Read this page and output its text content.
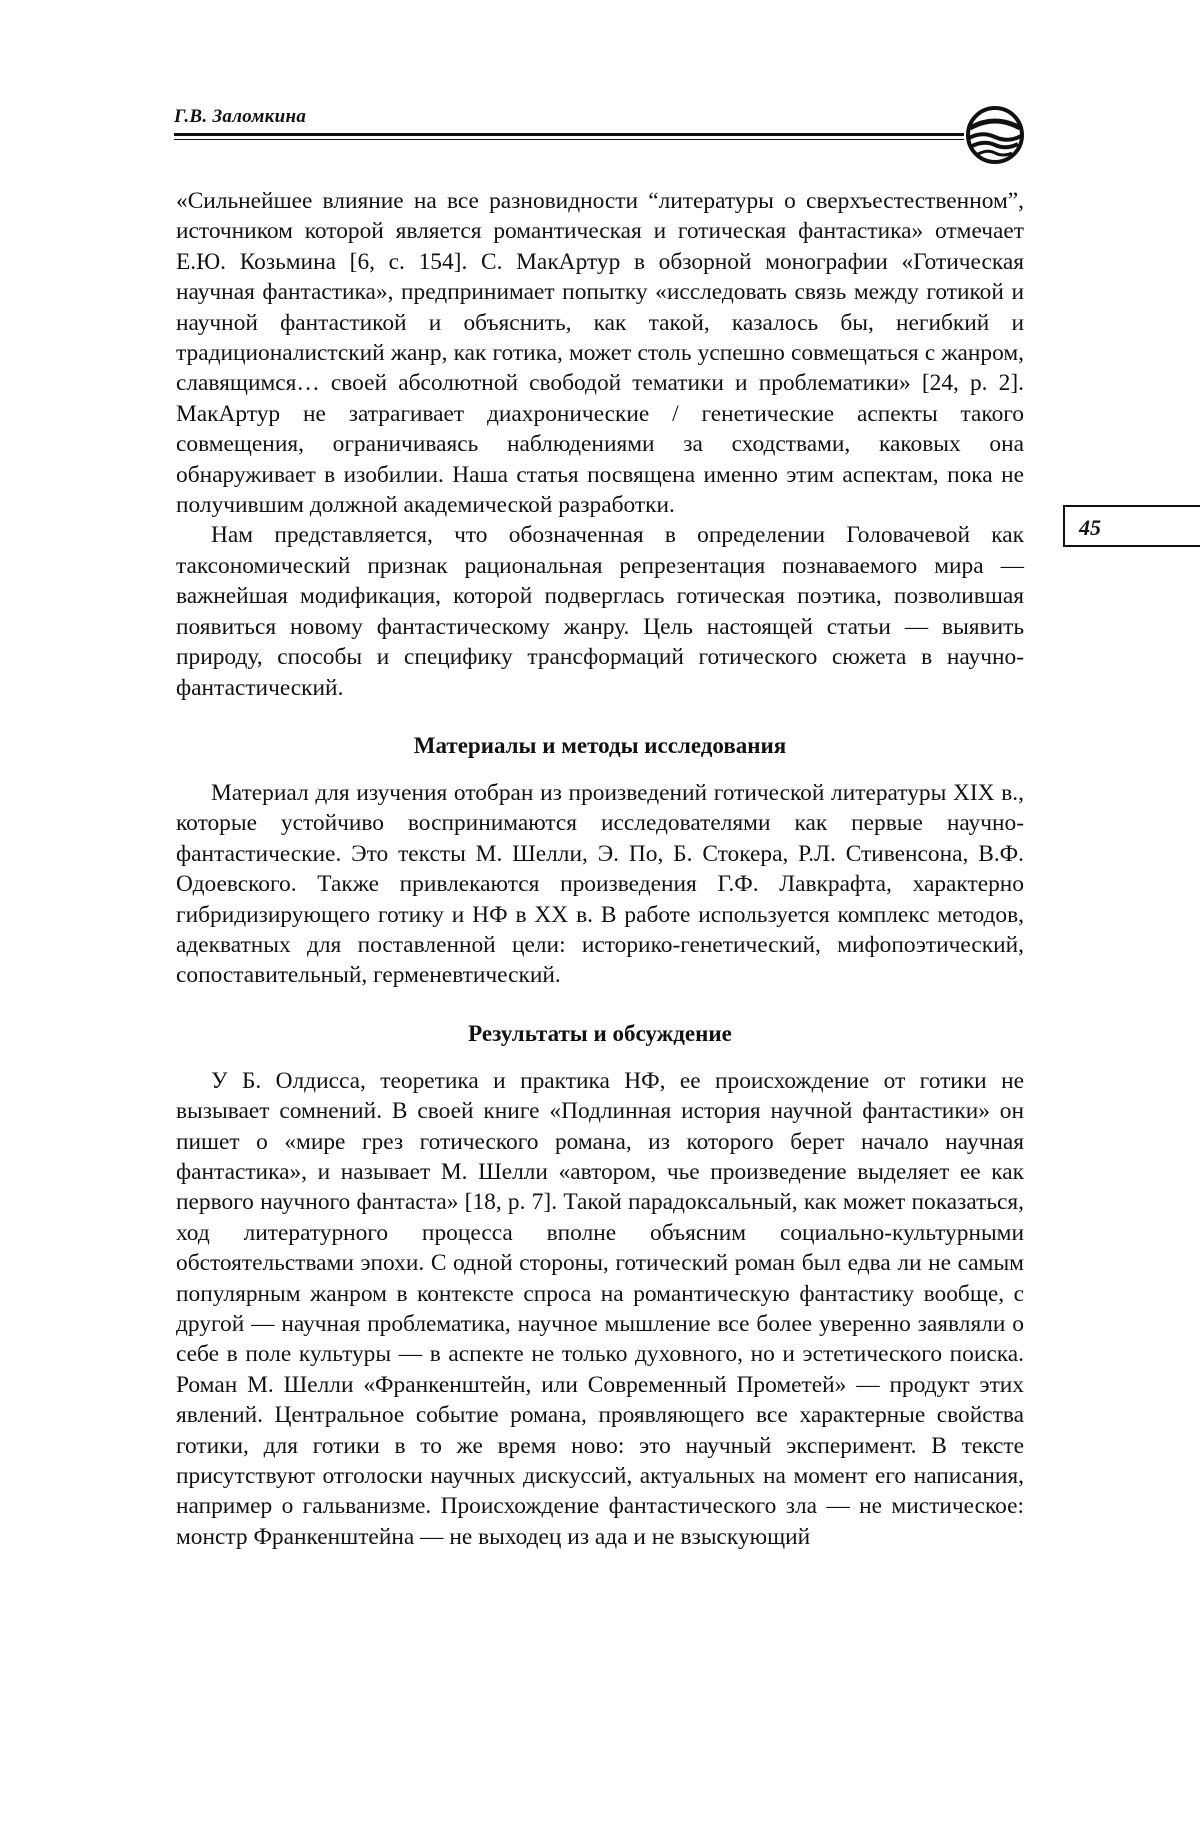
Г.В. Заломкина
45

«Сильнейшее влияние на все разновидности “литературы о сверхъестественном”, источником которой является романтическая и готическая фантастика» отмечает Е.Ю. Козьмина [6, с. 154]. С. МакАртур в обзорной монографии «Готическая научная фантастика», предпринимает попытку «исследовать связь между готикой и научной фантастикой и объяснить, как такой, казалось бы, негибкий и традиционалистский жанр, как готика, может столь успешно совмещаться с жанром, славящимся… своей абсолютной свободой тематики и проблематики» [24, p. 2]. МакАртур не затрагивает диахронические / генетические аспекты такого совмещения, ограничиваясь наблюдениями за сходствами, каковых она обнаруживает в изобилии. Наша статья посвящена именно этим аспектам, пока не получившим должной академической разработки.

Нам представляется, что обозначенная в определении Головачевой как таксономический признак рациональная репрезентация познаваемого мира — важнейшая модификация, которой подверглась готическая поэтика, позволившая появиться новому фантастическому жанру. Цель настоящей статьи — выявить природу, способы и специфику трансформаций готического сюжета в научно-фантастический.

Материалы и методы исследования

Материал для изучения отобран из произведений готической литературы XIX в., которые устойчиво воспринимаются исследователями как первые научно-фантастические. Это тексты М. Шелли, Э. По, Б. Стокера, Р.Л. Стивенсона, В.Ф. Одоевского. Также привлекаются произведения Г.Ф. Лавкрафта, характерно гибридизирующего готику и НФ в XX в. В работе используется комплекс методов, адекватных для поставленной цели: историко-генетический, мифопоэтический, сопоставительный, герменевтический.

Результаты и обсуждение

У Б. Олдисса, теоретика и практика НФ, ее происхождение от готики не вызывает сомнений. В своей книге «Подлинная история научной фантастики» он пишет о «мире грез готического романа, из которого берет начало научная фантастика», и называет М. Шелли «автором, чье произведение выделяет ее как первого научного фантаста» [18, p. 7]. Такой парадоксальный, как может показаться, ход литературного процесса вполне объясним социально-культурными обстоятельствами эпохи. С одной стороны, готический роман был едва ли не самым популярным жанром в контексте спроса на романтическую фантастику вообще, с другой — научная проблематика, научное мышление все более уверенно заявляли о себе в поле культуры — в аспекте не только духовного, но и эстетического поиска. Роман М. Шелли «Франкенштейн, или Современный Прометей» — продукт этих явлений. Центральное событие романа, проявляющего все характерные свойства готики, для готики в то же время ново: это научный эксперимент. В тексте присутствуют отголоски научных дискуссий, актуальных на момент его написания, например о гальванизме. Происхождение фантастического зла — не мистическое: монстр Франкенштейна — не выходец из ада и не взыскующий
